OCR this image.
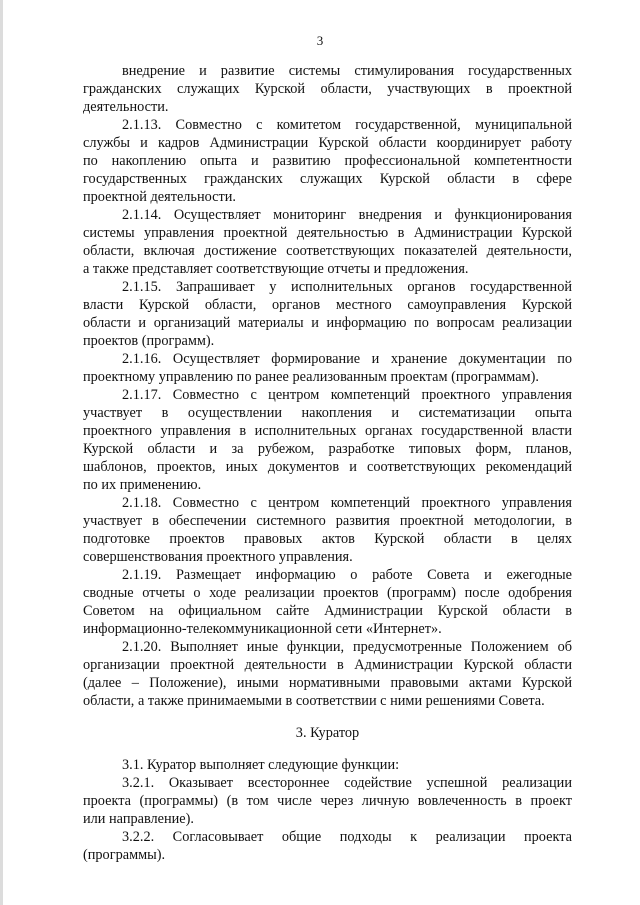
3
внедрение и развитие системы стимулирования государственных
гражданских служащих Курской области, участвующих в проектной
деятельности.
2.1.13. Совместно с комитетом государственной, муниципальной
службы и кадров Администрации Курской области координирует работу
по накоплению опыта и развитию профессиональной компетентности
государственных гражданских служащих Курской области в сфере
проектной деятельности.
2.1.14. Осуществляет мониторинг внедрения и функционирования
системы управления проектной деятельностью в Администрации Курской
области, включая достижение соответствующих показателей деятельности,
а также представляет соответствующие отчеты и предложения.
2.1.15. Запрашивает у исполнительных органов государственной
власти Курской области, органов местного самоуправления Курской
области и организаций материалы и информацию по вопросам реализации
проектов (программ).
2.1.16. Осуществляет формирование и хранение документации по
проектному управлению по ранее реализованным проектам (программам).
2.1.17. Совместно с центром компетенций проектного управления
участвует в осуществлении накопления и систематизации опыта
проектного управления в исполнительных органах государственной власти
Курской области и за рубежом, разработке типовых форм, планов,
шаблонов, проектов, иных документов и соответствующих рекомендаций
по их применению.
2.1.18. Совместно с центром компетенций проектного управления
участвует в обеспечении системного развития проектной методологии, в
подготовке проектов правовых актов Курской области в целях
совершенствования проектного управления.
2.1.19. Размещает информацию о работе Совета и ежегодные
сводные отчеты о ходе реализации проектов (программ) после одобрения
Советом на официальном сайте Администрации Курской области в
информационно-телекоммуникационной сети «Интернет».
2.1.20. Выполняет иные функции, предусмотренные Положением об
организации проектной деятельности в Администрации Курской области
(далее – Положение), иными нормативными правовыми актами Курской
области, а также принимаемыми в соответствии с ними решениями Совета.
3. Куратор
3.1. Куратор выполняет следующие функции:
3.2.1. Оказывает всестороннее содействие успешной реализации
проекта (программы) (в том числе через личную вовлеченность в проект
или направление).
3.2.2. Согласовывает общие подходы к реализации проекта
(программы).
